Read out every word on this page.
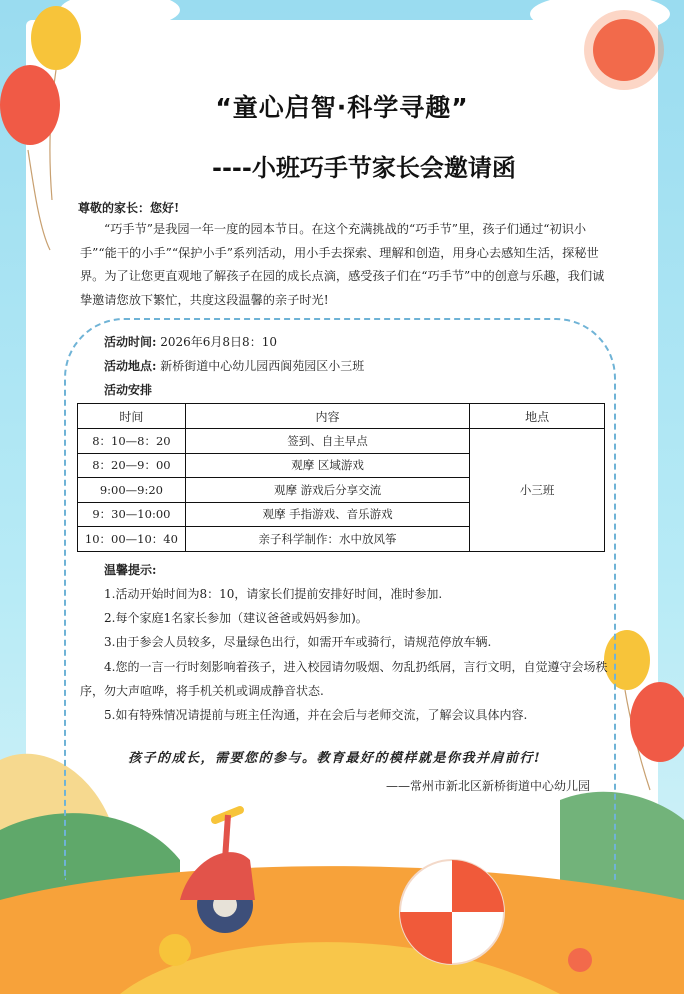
“童心启智·科学寻趣”
----小班巧手节家长会邀请函
尊敬的家长：您好!
“巧手节”是我园一年一度的园本节日。在这个充满挑战的“巧手节”里，孩子们通过“初识小手”“能干的小手”“保护小手”系列活动，用小手去探索、理解和创造，用身心去感知生活，探秘世界。为了让您更直观地了解孩子在园的成长点滴，感受孩子们在“巧手节”中的创意与乐趣，我们诚挚邀请您放下繁忙，共度这段温馨的亲子时光!
活动时间: 2026年6月8日8：10
活动地点: 新桥街道中心幼儿园西阆苑园区小三班
活动安排
时间	内容	地点
8：10—8：20	签到、自主早点	小三班
8：20—9：00	观摩 区域游戏	
9:00—9:20	观摩 游戏后分享交流	
9：30—10:00	观摩 手指游戏、音乐游戏	
10：00—10：40	亲子科学制作：水中放风筝	
温馨提示:

1.活动开始时间为8：10，请家长们提前安排好时间，准时参加.

2.每个家庭1名家长参加（建议爸爸或妈妈参加)。

3.由于参会人员较多，尽量绿色出行，如需开车或骑行，请规范停放车辆.

4.您的一言一行时刻影响着孩子，进入校园请勿吸烟、勿乱扔纸屑，言行文明，自觉遵守会场秩序，勿大声喧哗，将手机关机或调成静音状态.

5.如有特殊情况请提前与班主任沟通，并在会后与老师交流，了解会议具体内容.

孩子的成长，需要您的参与。教育最好的模样就是你我并肩前行!
——常州市新北区新桥街道中心幼儿园
